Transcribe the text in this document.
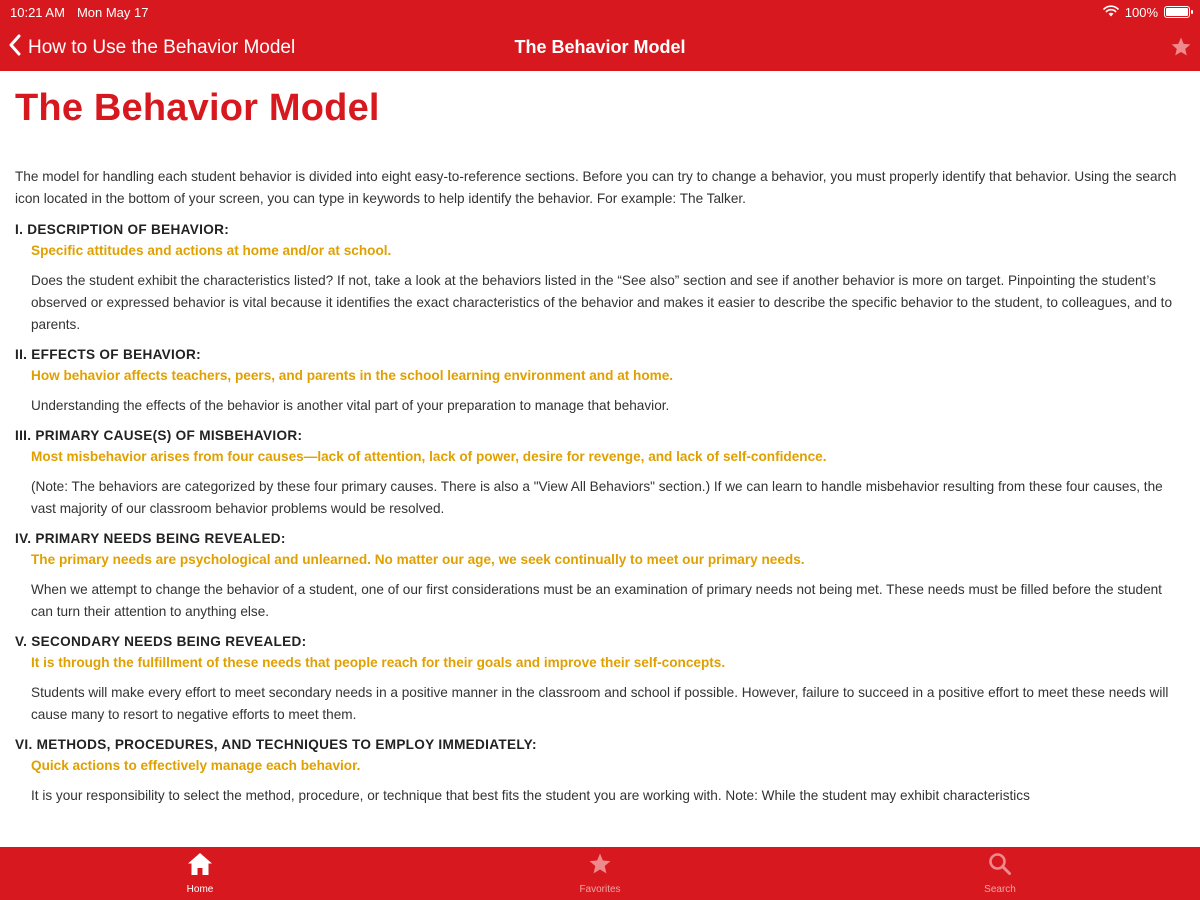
10:21 AM Mon May 17	100%
How to Use the Behavior Model	The Behavior Model
The Behavior Model

The model for handling each student behavior is divided into eight easy-to-reference sections. Before you can try to change a behavior, you must properly identify that behavior. Using the search icon located in the bottom of your screen, you can type in keywords to help identify the behavior. For example: The Talker.

I. DESCRIPTION OF BEHAVIOR:
Specific attitudes and actions at home and/or at school.

Does the student exhibit the characteristics listed? If not, take a look at the behaviors listed in the “See also” section and see if another behavior is more on target. Pinpointing the student’s observed or expressed behavior is vital because it identifies the exact characteristics of the behavior and makes it easier to describe the specific behavior to the student, to colleagues, and to parents.

II. EFFECTS OF BEHAVIOR:
How behavior affects teachers, peers, and parents in the school learning environment and at home.

Understanding the effects of the behavior is another vital part of your preparation to manage that behavior.

III. PRIMARY CAUSE(S) OF MISBEHAVIOR:
Most misbehavior arises from four causes—lack of attention, lack of power, desire for revenge, and lack of self-confidence.

(Note: The behaviors are categorized by these four primary causes. There is also a "View All Behaviors" section.) If we can learn to handle misbehavior resulting from these four causes, the vast majority of our classroom behavior problems would be resolved.

IV. PRIMARY NEEDS BEING REVEALED:
The primary needs are psychological and unlearned. No matter our age, we seek continually to meet our primary needs.

When we attempt to change the behavior of a student, one of our first considerations must be an examination of primary needs not being met. These needs must be filled before the student can turn their attention to anything else.

V. SECONDARY NEEDS BEING REVEALED:
It is through the fulfillment of these needs that people reach for their goals and improve their self-concepts.

Students will make every effort to meet secondary needs in a positive manner in the classroom and school if possible. However, failure to succeed in a positive effort to meet these needs will cause many to resort to negative efforts to meet them.

VI. METHODS, PROCEDURES, AND TECHNIQUES TO EMPLOY IMMEDIATELY:
Quick actions to effectively manage each behavior.

It is your responsibility to select the method, procedure, or technique that best fits the student you are working with. Note: While the student may exhibit characteristics

Home	Favorites	Search
